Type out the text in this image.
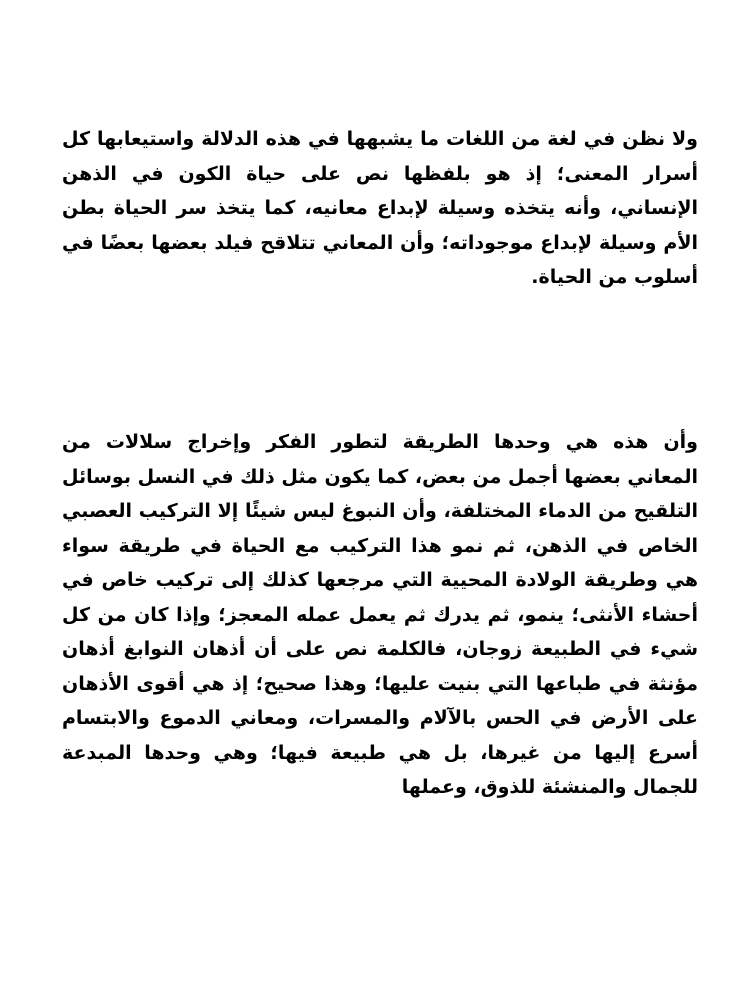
ولا نظن في لغة من اللغات ما يشبهها في هذه الدلالة واستيعابها كل أسرار المعنى؛ إذ هو بلفظها نص على حياة الكون في الذهن الإنساني، وأنه يتخذه وسيلة لإبداع معانيه، كما يتخذ سر الحياة بطن الأم وسيلة لإبداع موجوداته؛ وأن المعاني تتلاقح فيلد بعضها بعضًا في أسلوب من الحياة.

وأن هذه هي وحدها الطريقة لتطور الفكر وإخراج سلالات من المعاني بعضها أجمل من بعض، كما يكون مثل ذلك في النسل بوسائل التلقيح من الدماء المختلفة، وأن النبوغ ليس شيئًا إلا التركيب العصبي الخاص في الذهن، ثم نمو هذا التركيب مع الحياة في طريقة سواء هي وطريقة الولادة المحيية التي مرجعها كذلك إلى تركيب خاص في أحشاء الأنثى؛ ينمو، ثم يدرك ثم يعمل عمله المعجز؛ وإذا كان من كل شيء في الطبيعة زوجان، فالكلمة نص على أن أذهان النوابغ أذهان مؤنثة في طباعها التي بنيت عليها؛ وهذا صحيح؛ إذ هي أقوى الأذهان على الأرض في الحس بالآلام والمسرات، ومعاني الدموع والابتسام أسرع إليها من غيرها، بل هي طبيعة فيها؛ وهي وحدها المبدعة للجمال والمنشئة للذوق، وعملها
